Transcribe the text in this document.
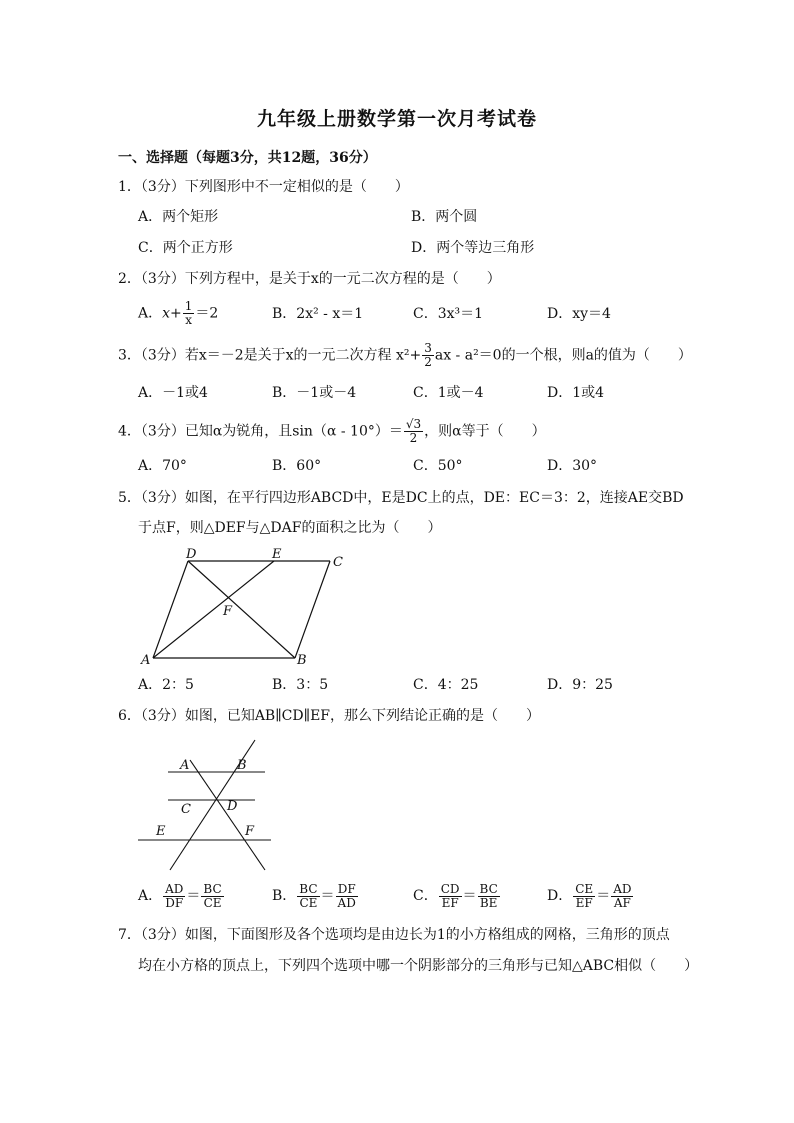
九年级上册数学第一次月考试卷
一、选择题（每题3分，共12题，36分）
1．（3分）下列图形中不一定相似的是（　　）
A．两个矩形	B．两个圆
C．两个正方形	D．两个等边三角形
2．（3分）下列方程中，是关于x的一元二次方程的是（　　）
A．$x+ \frac{1}{x} =2$	B．2x² - x＝1	C．3x³＝1	D．xy＝4
3．（3分）若x＝－2是关于x的一元二次方程 $x^2+ \frac{3}{2}$ ax - a²＝0的一个根，则a的值为（　　）
A．－1或4	B．－1或－4	C．1或－4	D．1或4
4．（3分）已知α为锐角，且$\sin(\alpha - 10^\circ)= \frac{√3}{2}$ ，则α等于（　　）
A．70°	B．60°	C．50°	D．30°
5．（3分）如图，在平行四边形ABCD中，E是DC上的点，DE：EC＝3：2，连接AE交BD
于点F，则△DEF与△DAF的面积之比为（　　）
D	E
C
F
A	B
A．2：5	B．3：5	C．4：25	D．9：25
6．（3分）如图，已知AB∥CD∥EF，那么下列结论正确的是（　　）
A	B
C	D
E	F
A． $\frac{AD}{DF} = \frac{BC}{CE}$	B． $\frac{BC}{CE} = \frac{DF}{AD}$	C． $\frac{CD}{EF} = \frac{BC}{BE}$	D． $\frac{CE}{EF} = \frac{AD}{AF}$
7．（3分）如图，下面图形及各个选项均是由边长为1的小方格组成的网格，三角形的顶点
均在小方格的顶点上，下列四个选项中哪一个阴影部分的三角形与已知△ABC相似（　　）
